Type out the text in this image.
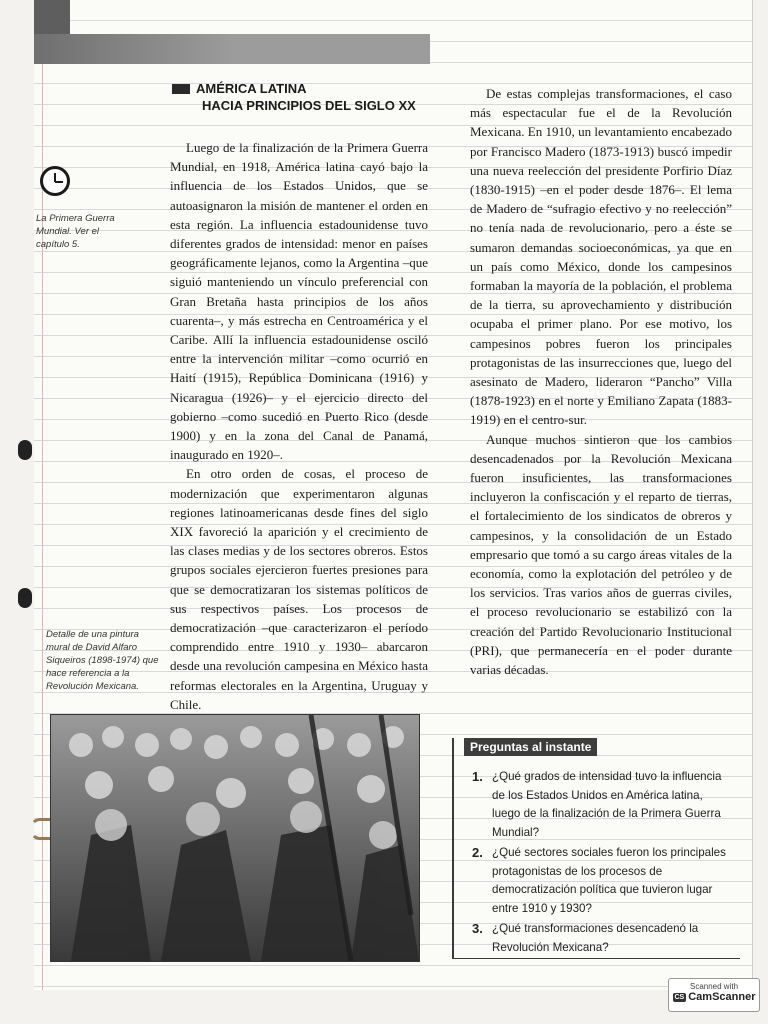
AMÉRICA LATINA
HACIA PRINCIPIOS DEL SIGLO XX
La Primera Guerra Mundial. Ver el capítulo 5.
Detalle de una pintura mural de David Alfaro Siqueiros (1898-1974) que hace referencia a la Revolución Mexicana.

Luego de la finalización de la Primera Guerra Mundial, en 1918, América latina cayó bajo la influencia de los Estados Unidos, que se autoasignaron la misión de mantener el orden en esta región. La influencia estadounidense tuvo diferentes grados de intensidad: menor en países geográficamente lejanos, como la Argentina –que siguió manteniendo un vínculo preferencial con Gran Bretaña hasta principios de los años cuarenta–, y más estrecha en Centroamérica y el Caribe. Allí la influencia estadounidense osciló entre la intervención militar –como ocurrió en Haití (1915), República Dominicana (1916) y Nicaragua (1926)– y el ejercicio directo del gobierno –como sucedió en Puerto Rico (desde 1900) y en la zona del Canal de Panamá, inaugurado en 1920–.

En otro orden de cosas, el proceso de modernización que experimentaron algunas regiones latinoamericanas desde fines del siglo XIX favoreció la aparición y el crecimiento de las clases medias y de los sectores obreros. Estos grupos sociales ejercieron fuertes presiones para que se democratizaran los sistemas políticos de sus respectivos países. Los procesos de democratización –que caracterizaron el período comprendido entre 1910 y 1930– abarcaron desde una revolución campesina en México hasta reformas electorales en la Argentina, Uruguay y Chile.

De estas complejas transformaciones, el caso más espectacular fue el de la Revolución Mexicana. En 1910, un levantamiento encabezado por Francisco Madero (1873-1913) buscó impedir una nueva reelección del presidente Porfirio Díaz (1830-1915) –en el poder desde 1876–. El lema de Madero de “sufragio efectivo y no reelección” no tenía nada de revolucionario, pero a éste se sumaron demandas socioeconómicas, ya que en un país como México, donde los campesinos formaban la mayoría de la población, el problema de la tierra, su aprovechamiento y distribución ocupaba el primer plano. Por ese motivo, los campesinos pobres fueron los principales protagonistas de las insurrecciones que, luego del asesinato de Madero, lideraron “Pancho” Villa (1878-1923) en el norte y Emiliano Zapata (1883-1919) en el centro-sur.

Aunque muchos sintieron que los cambios desencadenados por la Revolución Mexicana fueron insuficientes, las transformaciones incluyeron la confiscación y el reparto de tierras, el fortalecimiento de los sindicatos de obreros y campesinos, y la consolidación de un Estado empresario que tomó a su cargo áreas vitales de la economía, como la explotación del petróleo y de los servicios. Tras varios años de guerras civiles, el proceso revolucionario se estabilizó con la creación del Partido Revolucionario Institucional (PRI), que permanecería en el poder durante varias décadas.

Preguntas al instante
1. ¿Qué grados de intensidad tuvo la influencia de los Estados Unidos en América latina, luego de la finalización de la Primera Guerra Mundial?
2. ¿Qué sectores sociales fueron los principales protagonistas de los procesos de democratización política que tuvieron lugar entre 1910 y 1930?
3. ¿Qué transformaciones desencadenó la Revolución Mexicana?
Scanned with
CS CamScanner
